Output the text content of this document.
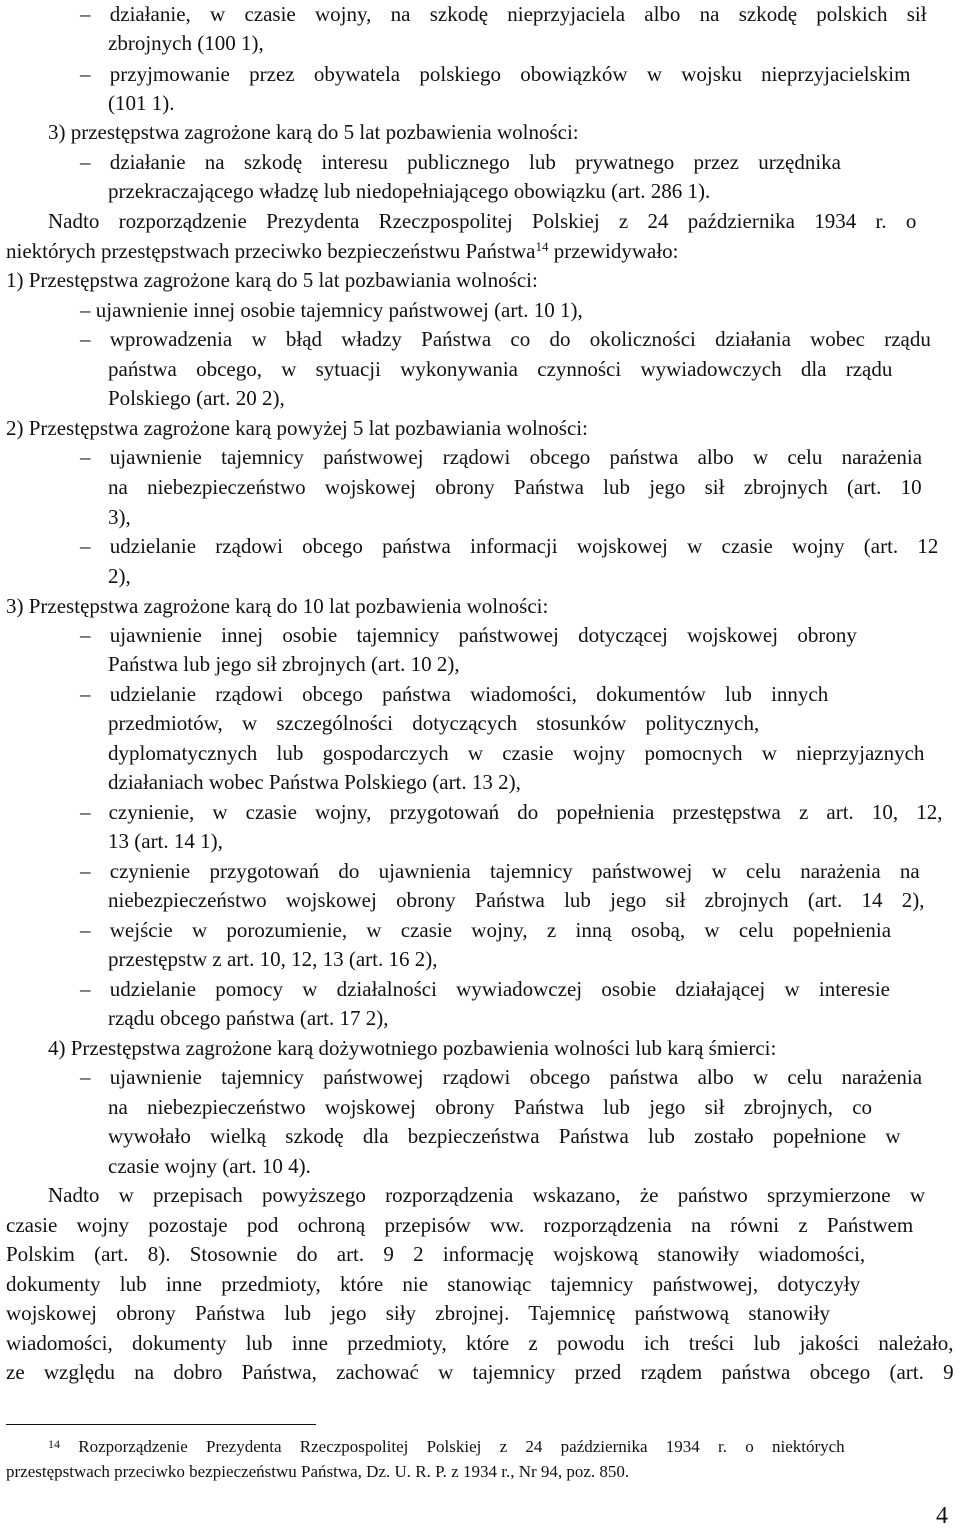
– działanie, w czasie wojny, na szkodę nieprzyjaciela albo na szkodę polskich sił
zbrojnych (100 1),
– przyjmowanie przez obywatela polskiego obowiązków w wojsku nieprzyjacielskim
(101 1).
3) przestępstwa zagrożone karą do 5 lat pozbawienia wolności:
– działanie na szkodę interesu publicznego lub prywatnego przez urzędnika
przekraczającego władzę lub niedopełniającego obowiązku (art. 286 1).
Nadto rozporządzenie Prezydenta Rzeczpospolitej Polskiej z 24 października 1934 r. o
niektórych przestępstwach przeciwko bezpieczeństwu Państwa$^{14}$ przewidywało:
1) Przestępstwa zagrożone karą do 5 lat pozbawiania wolności:
– ujawnienie innej osobie tajemnicy państwowej (art. 10 1),
– wprowadzenia w błąd władzy Państwa co do okoliczności działania wobec rządu
państwa obcego, w sytuacji wykonywania czynności wywiadowczych dla rządu
Polskiego (art. 20 2),
2) Przestępstwa zagrożone karą powyżej 5 lat pozbawiania wolności:
– ujawnienie tajemnicy państwowej rządowi obcego państwa albo w celu narażenia
na niebezpieczeństwo wojskowej obrony Państwa lub jego sił zbrojnych (art. 10
3),
– udzielanie rządowi obcego państwa informacji wojskowej w czasie wojny (art. 12
2),
3) Przestępstwa zagrożone karą do 10 lat pozbawienia wolności:
– ujawnienie innej osobie tajemnicy państwowej dotyczącej wojskowej obrony
Państwa lub jego sił zbrojnych (art. 10 2),
– udzielanie rządowi obcego państwa wiadomości, dokumentów lub innych
przedmiotów, w szczególności dotyczących stosunków politycznych,
dyplomatycznych lub gospodarczych w czasie wojny pomocnych w nieprzyjaznych
działaniach wobec Państwa Polskiego (art. 13 2),
– czynienie, w czasie wojny, przygotowań do popełnienia przestępstwa z art. 10, 12,
13 (art. 14 1),
– czynienie przygotowań do ujawnienia tajemnicy państwowej w celu narażenia na
niebezpieczeństwo wojskowej obrony Państwa lub jego sił zbrojnych (art. 14 2),
– wejście w porozumienie, w czasie wojny, z inną osobą, w celu popełnienia
przestępstw z art. 10, 12, 13 (art. 16 2),
– udzielanie pomocy w działalności wywiadowczej osobie działającej w interesie
rządu obcego państwa (art. 17 2),
4) Przestępstwa zagrożone karą dożywotniego pozbawienia wolności lub karą śmierci:
– ujawnienie tajemnicy państwowej rządowi obcego państwa albo w celu narażenia
na niebezpieczeństwo wojskowej obrony Państwa lub jego sił zbrojnych, co
wywołało wielką szkodę dla bezpieczeństwa Państwa lub zostało popełnione w
czasie wojny (art. 10 4).
Nadto w przepisach powyższego rozporządzenia wskazano, że państwo sprzymierzone w
czasie wojny pozostaje pod ochroną przepisów ww. rozporządzenia na równi z Państwem
Polskim (art. 8). Stosownie do art. 9 2 informację wojskową stanowiły wiadomości,
dokumenty lub inne przedmioty, które nie stanowiąc tajemnicy państwowej, dotyczyły
wojskowej obrony Państwa lub jego siły zbrojnej. Tajemnicę państwową stanowiły
wiadomości, dokumenty lub inne przedmioty, które z powodu ich treści lub jakości należało,
ze względu na dobro Państwa, zachować w tajemnicy przed rządem państwa obcego (art. 9
$^{14}$ Rozporządzenie Prezydenta Rzeczpospolitej Polskiej z 24 października 1934 r. o niektórych
przestępstwach przeciwko bezpieczeństwu Państwa, Dz. U. R. P. z 1934 r., Nr 94, poz. 850.
4
